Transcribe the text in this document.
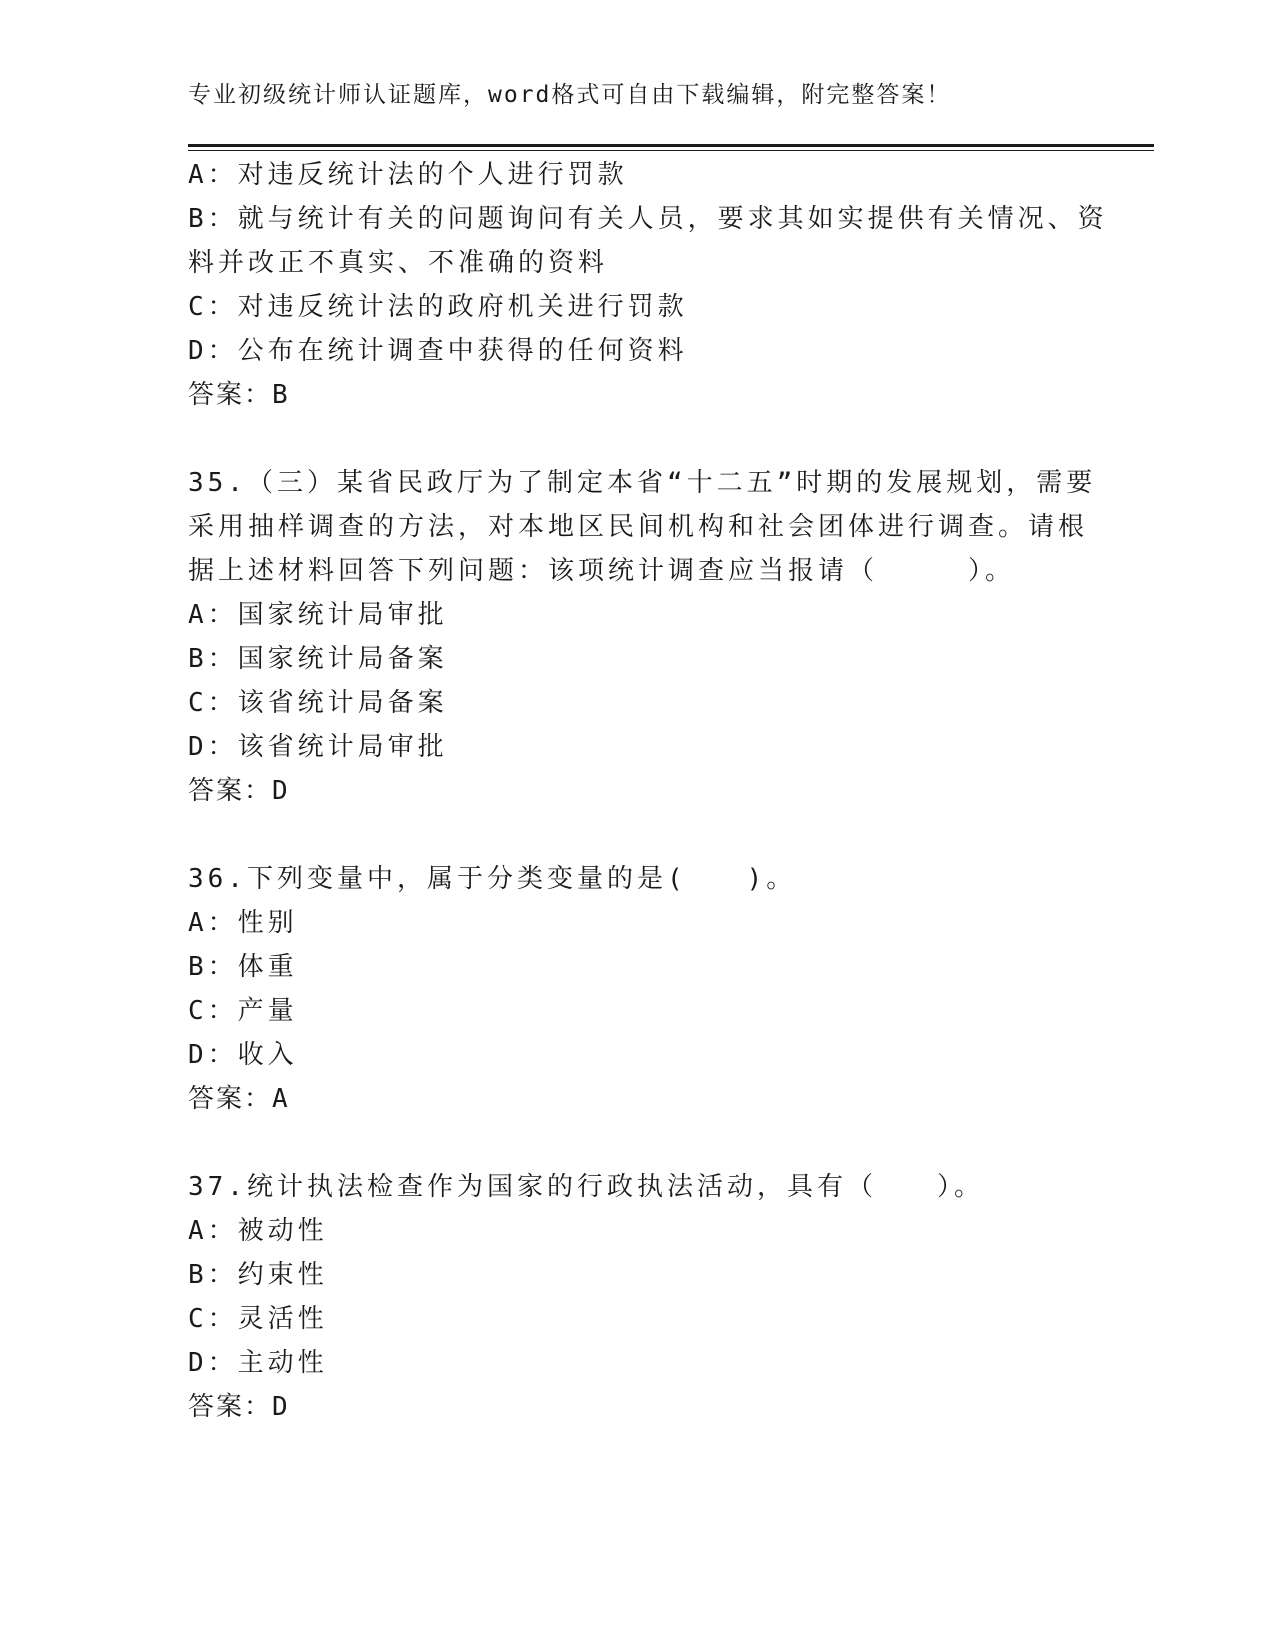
专业初级统计师认证题库，word格式可自由下载编辑，附完整答案！
A：对违反统计法的个人进行罚款
B：就与统计有关的问题询问有关人员，要求其如实提供有关情况、资
料并改正不真实、不准确的资料
C：对违反统计法的政府机关进行罚款
D：公布在统计调查中获得的任何资料
答案：B
35.（三）某省民政厅为了制定本省“十二五”时期的发展规划，需要
采用抽样调查的方法，对本地区民间机构和社会团体进行调查。请根
据上述材料回答下列问题：该项统计调查应当报请（　　　）。
A：国家统计局审批
B：国家统计局备案
C：该省统计局备案
D：该省统计局审批
答案：D
36.下列变量中，属于分类变量的是(　　)。
A：性别
B：体重
C：产量
D：收入
答案：A
37.统计执法检查作为国家的行政执法活动，具有（　　）。
A：被动性
B：约束性
C：灵活性
D：主动性
答案：D
